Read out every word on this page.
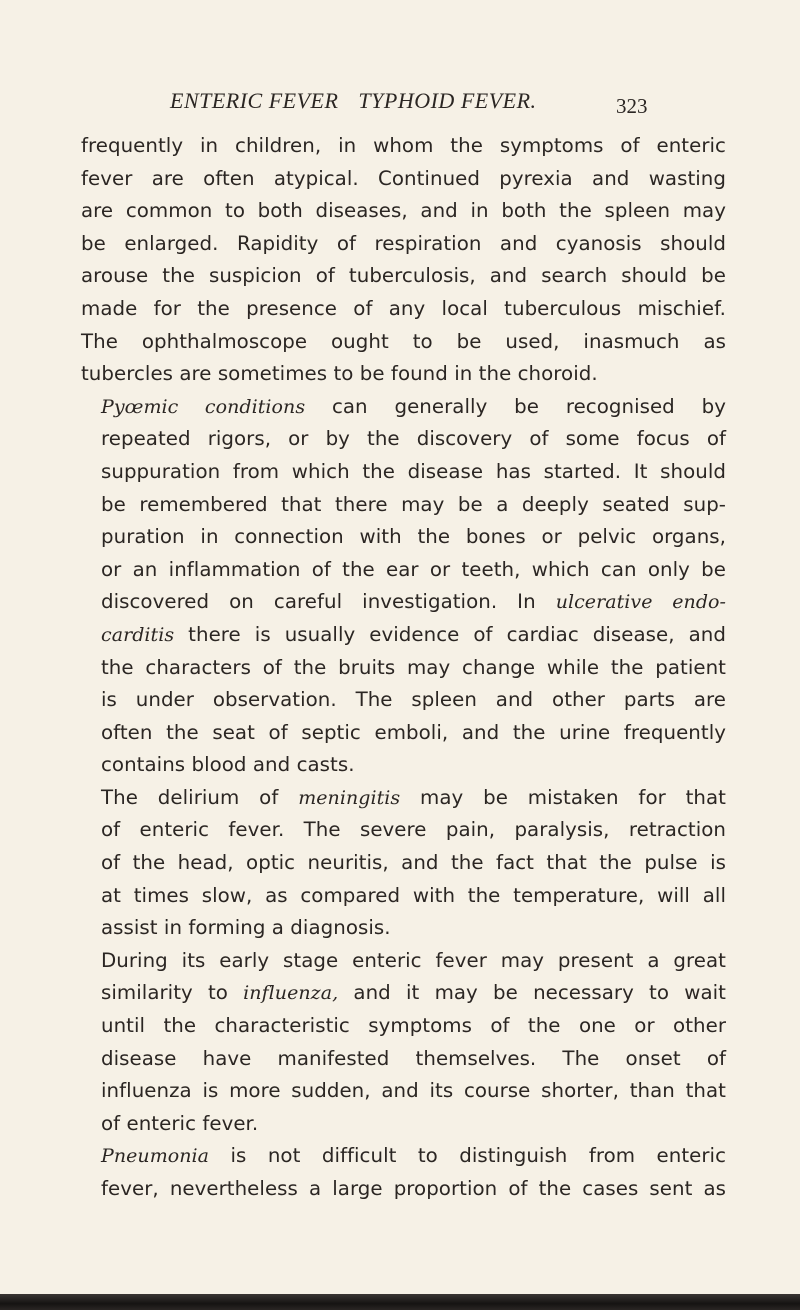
ENTERIC FEVER TYPHOID FEVER.	323

frequently in children, in whom the symptoms of enteric
fever are often atypical. Continued pyrexia and wasting
are common to both diseases, and in both the spleen may
be enlarged. Rapidity of respiration and cyanosis should
arouse the suspicion of tuberculosis, and search should be
made for the presence of any local tuberculous mischief.
The ophthalmoscope ought to be used, inasmuch as
tubercles are sometimes to be found in the choroid.

Pyœmic conditions can generally be recognised by
repeated rigors, or by the discovery of some focus of
suppuration from which the disease has started. It should
be remembered that there may be a deeply seated sup-
puration in connection with the bones or pelvic organs,
or an inflammation of the ear or teeth, which can only be
discovered on careful investigation. In ulcerative endo-
carditis there is usually evidence of cardiac disease, and
the characters of the bruits may change while the patient
is under observation. The spleen and other parts are
often the seat of septic emboli, and the urine frequently
contains blood and casts.

The delirium of meningitis may be mistaken for that
of enteric fever. The severe pain, paralysis, retraction
of the head, optic neuritis, and the fact that the pulse is
at times slow, as compared with the temperature, will all
assist in forming a diagnosis.

During its early stage enteric fever may present a great
similarity to influenza, and it may be necessary to wait
until the characteristic symptoms of the one or other
disease have manifested themselves. The onset of
influenza is more sudden, and its course shorter, than that
of enteric fever.

Pneumonia is not difficult to distinguish from enteric
fever, nevertheless a large proportion of the cases sent as
